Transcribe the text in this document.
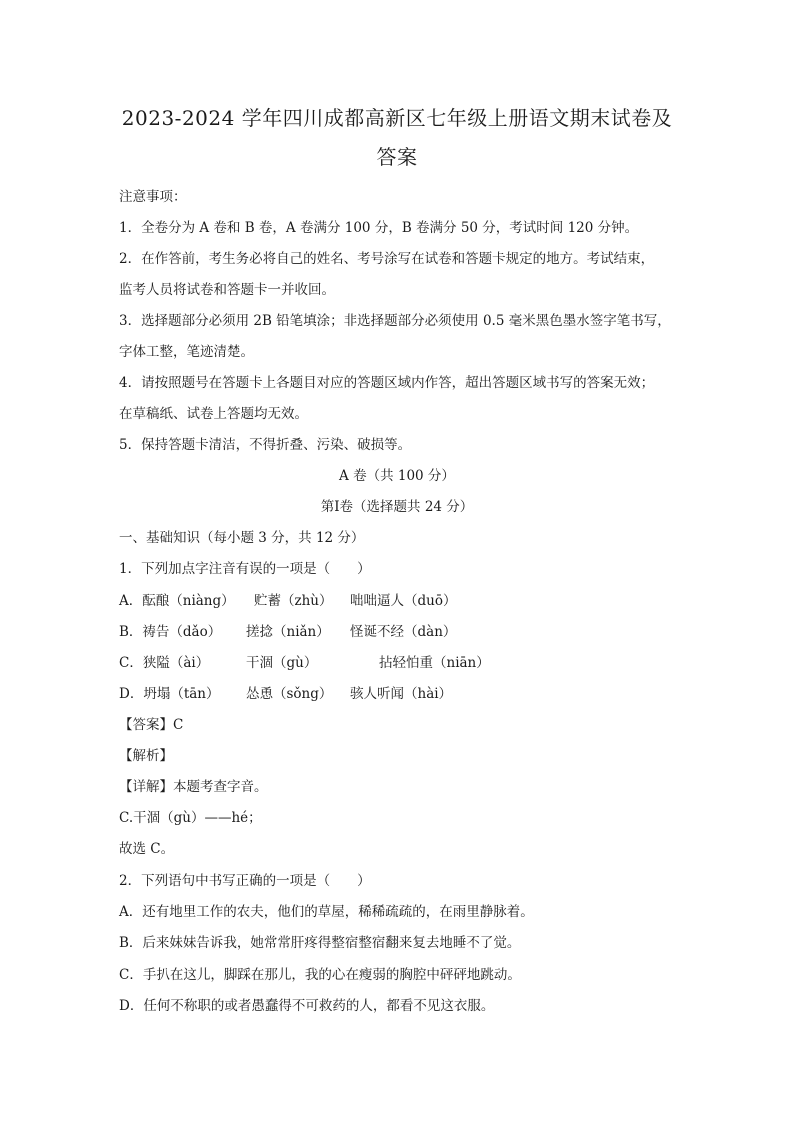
2023-2024 学年四川成都高新区七年级上册语文期末试卷及
答案
注意事项：
1．全卷分为 A 卷和 B 卷，A 卷满分 100 分，B 卷满分 50 分，考试时间 120 分钟。
2．在作答前，考生务必将自己的姓名、考号涂写在试卷和答题卡规定的地方。考试结束，
监考人员将试卷和答题卡一并收回。
3．选择题部分必须用 2B 铅笔填涂；非选择题部分必须使用 0.5 毫米黑色墨水签字笔书写，
字体工整，笔迹清楚。
4．请按照题号在答题卡上各题目对应的答题区域内作答，超出答题区域书写的答案无效；
在草稿纸、试卷上答题均无效。
5．保持答题卡清洁，不得折叠、污染、破损等。
A 卷（共 100 分）
第Ⅰ卷（选择题共 24 分）
一、基础知识（每小题 3 分，共 12 分）
1．下列加点字注音有误的一项是（　　）
A．酝酿（niàng） 贮蓄（zhù） 咄咄逼人（duō）
B．祷告（dǎo） 搓捻（niǎn） 怪诞不经（dàn）
C．狭隘（ài）	干涸（gù）	拈轻怕重（niān）
D．坍塌（tān） 怂恿（sǒng） 骇人听闻（hài）
【答案】C
【解析】
【详解】本题考查字音。
C.干涸（gù）——hé；
故选 C。
2．下列语句中书写正确的一项是（　　）
A．还有地里工作的农夫，他们的草屋，稀稀疏疏的，在雨里静脉着。
B．后来妹妹告诉我，她常常肝疼得整宿整宿翻来复去地睡不了觉。
C．手扒在这儿，脚踩在那儿，我的心在瘦弱的胸腔中砰砰地跳动。
D．任何不称职的或者愚蠢得不可救药的人，都看不见这衣服。
